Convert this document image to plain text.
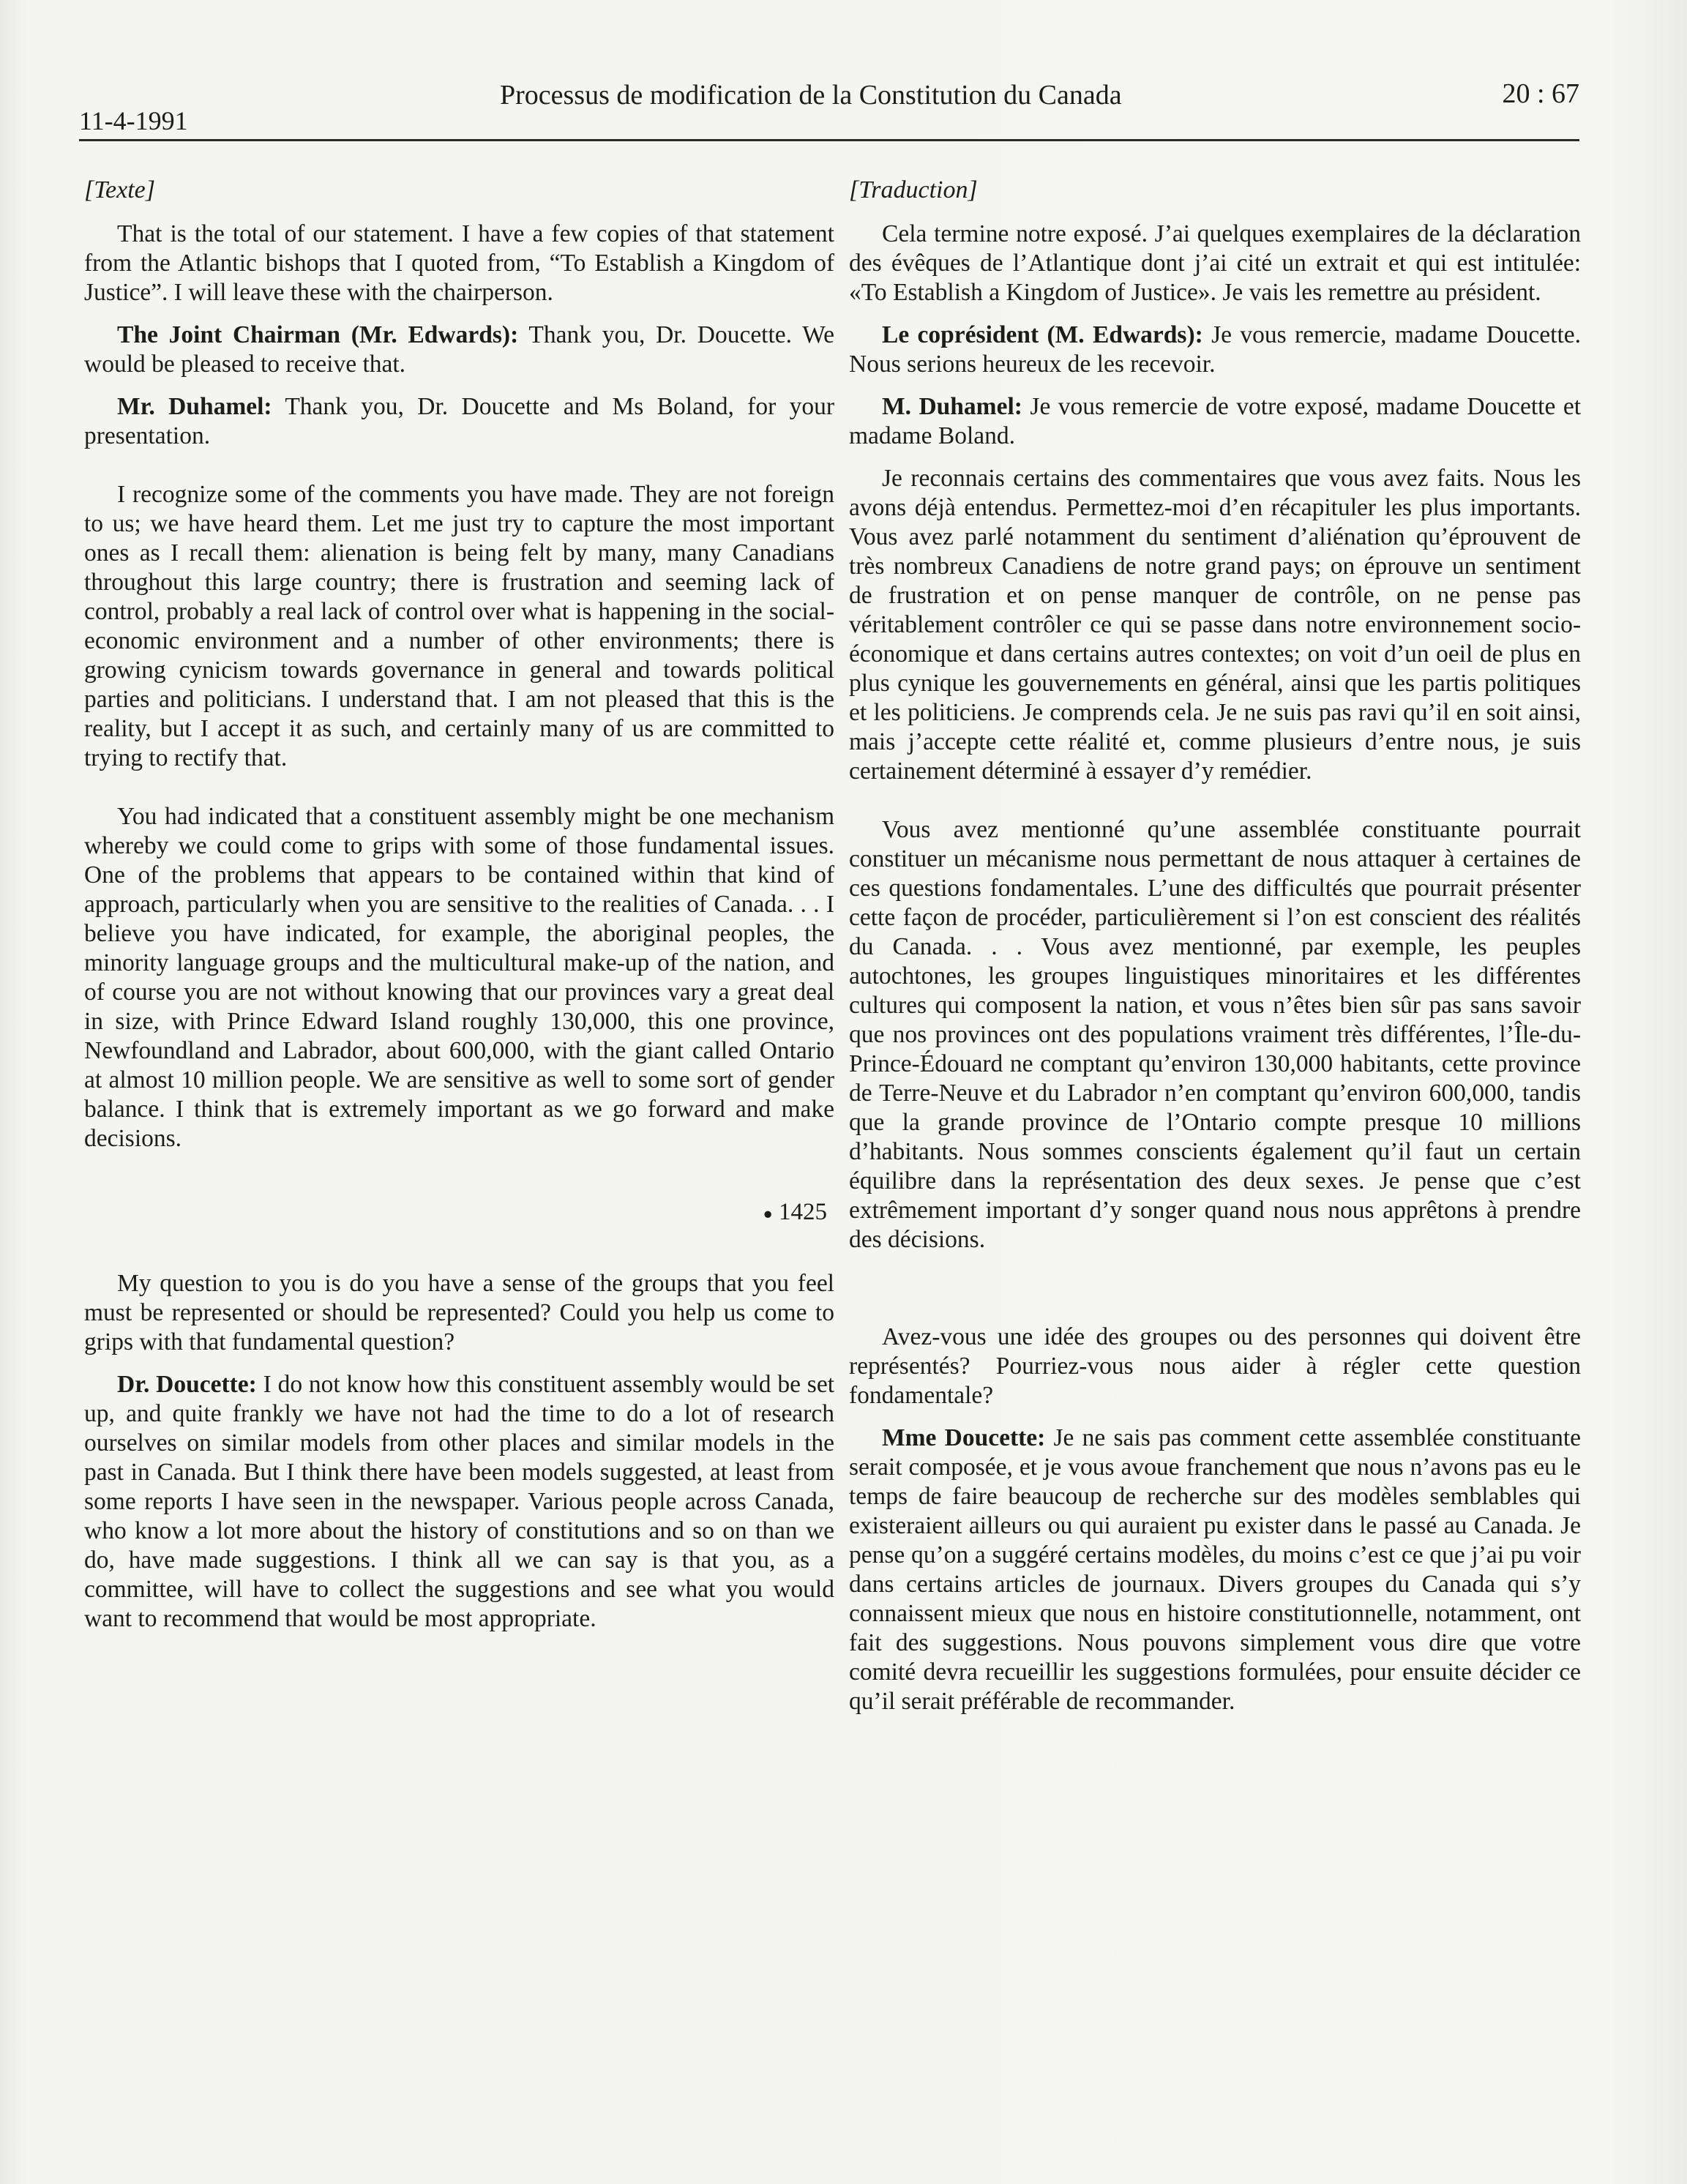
11-4-1991
Processus de modification de la Constitution du Canada	20 : 67
[Texte]

That is the total of our statement. I have a few copies of that statement from the Atlantic bishops that I quoted from, “To Establish a Kingdom of Justice”. I will leave these with the chairperson.

The Joint Chairman (Mr. Edwards): Thank you, Dr. Doucette. We would be pleased to receive that.

Mr. Duhamel: Thank you, Dr. Doucette and Ms Boland, for your presentation.

I recognize some of the comments you have made. They are not foreign to us; we have heard them. Let me just try to capture the most important ones as I recall them: alienation is being felt by many, many Canadians throughout this large country; there is frustration and seeming lack of control, probably a real lack of control over what is happening in the social-economic environment and a number of other environments; there is growing cynicism towards governance in general and towards political parties and politicians. I understand that. I am not pleased that this is the reality, but I accept it as such, and certainly many of us are committed to trying to rectify that.

You had indicated that a constituent assembly might be one mechanism whereby we could come to grips with some of those fundamental issues. One of the problems that appears to be contained within that kind of approach, particularly when you are sensitive to the realities of Canada. . . I believe you have indicated, for example, the aboriginal peoples, the minority language groups and the multicultural make-up of the nation, and of course you are not without knowing that our provinces vary a great deal in size, with Prince Edward Island roughly 130,000, this one province, Newfoundland and Labrador, about 600,000, with the giant called Ontario at almost 10 million people. We are sensitive as well to some sort of gender balance. I think that is extremely important as we go forward and make decisions.

● 1425

My question to you is do you have a sense of the groups that you feel must be represented or should be represented? Could you help us come to grips with that fundamental question?

Dr. Doucette: I do not know how this constituent assembly would be set up, and quite frankly we have not had the time to do a lot of research ourselves on similar models from other places and similar models in the past in Canada. But I think there have been models suggested, at least from some reports I have seen in the newspaper. Various people across Canada, who know a lot more about the history of constitutions and so on than we do, have made suggestions. I think all we can say is that you, as a committee, will have to collect the suggestions and see what you would want to recommend that would be most appropriate.

[Traduction]

Cela termine notre exposé. J’ai quelques exemplaires de la déclaration des évêques de l’Atlantique dont j’ai cité un extrait et qui est intitulée: «To Establish a Kingdom of Justice». Je vais les remettre au président.

Le coprésident (M. Edwards): Je vous remercie, madame Doucette. Nous serions heureux de les recevoir.

M. Duhamel: Je vous remercie de votre exposé, madame Doucette et madame Boland.

Je reconnais certains des commentaires que vous avez faits. Nous les avons déjà entendus. Permettez-moi d’en récapituler les plus importants. Vous avez parlé notamment du sentiment d’aliénation qu’éprouvent de très nombreux Canadiens de notre grand pays; on éprouve un sentiment de frustration et on pense manquer de contrôle, on ne pense pas véritablement contrôler ce qui se passe dans notre environnement socio-économique et dans certains autres contextes; on voit d’un oeil de plus en plus cynique les gouvernements en général, ainsi que les partis politiques et les politiciens. Je comprends cela. Je ne suis pas ravi qu’il en soit ainsi, mais j’accepte cette réalité et, comme plusieurs d’entre nous, je suis certainement déterminé à essayer d’y remédier.

Vous avez mentionné qu’une assemblée constituante pourrait constituer un mécanisme nous permettant de nous attaquer à certaines de ces questions fondamentales. L’une des difficultés que pourrait présenter cette façon de procéder, particulièrement si l’on est conscient des réalités du Canada. . . Vous avez mentionné, par exemple, les peuples autochtones, les groupes linguistiques minoritaires et les différentes cultures qui composent la nation, et vous n’êtes bien sûr pas sans savoir que nos provinces ont des populations vraiment très différentes, l’Île-du-Prince-Édouard ne comptant qu’environ 130,000 habitants, cette province de Terre-Neuve et du Labrador n’en comptant qu’environ 600,000, tandis que la grande province de l’Ontario compte presque 10 millions d’habitants. Nous sommes conscients également qu’il faut un certain équilibre dans la représentation des deux sexes. Je pense que c’est extrêmement important d’y songer quand nous nous apprêtons à prendre des décisions.

Avez-vous une idée des groupes ou des personnes qui doivent être représentés? Pourriez-vous nous aider à régler cette question fondamentale?

Mme Doucette: Je ne sais pas comment cette assemblée constituante serait composée, et je vous avoue franchement que nous n’avons pas eu le temps de faire beaucoup de recherche sur des modèles semblables qui existeraient ailleurs ou qui auraient pu exister dans le passé au Canada. Je pense qu’on a suggéré certains modèles, du moins c’est ce que j’ai pu voir dans certains articles de journaux. Divers groupes du Canada qui s’y connaissent mieux que nous en histoire constitutionnelle, notamment, ont fait des suggestions. Nous pouvons simplement vous dire que votre comité devra recueillir les suggestions formulées, pour ensuite décider ce qu’il serait préférable de recommander.
